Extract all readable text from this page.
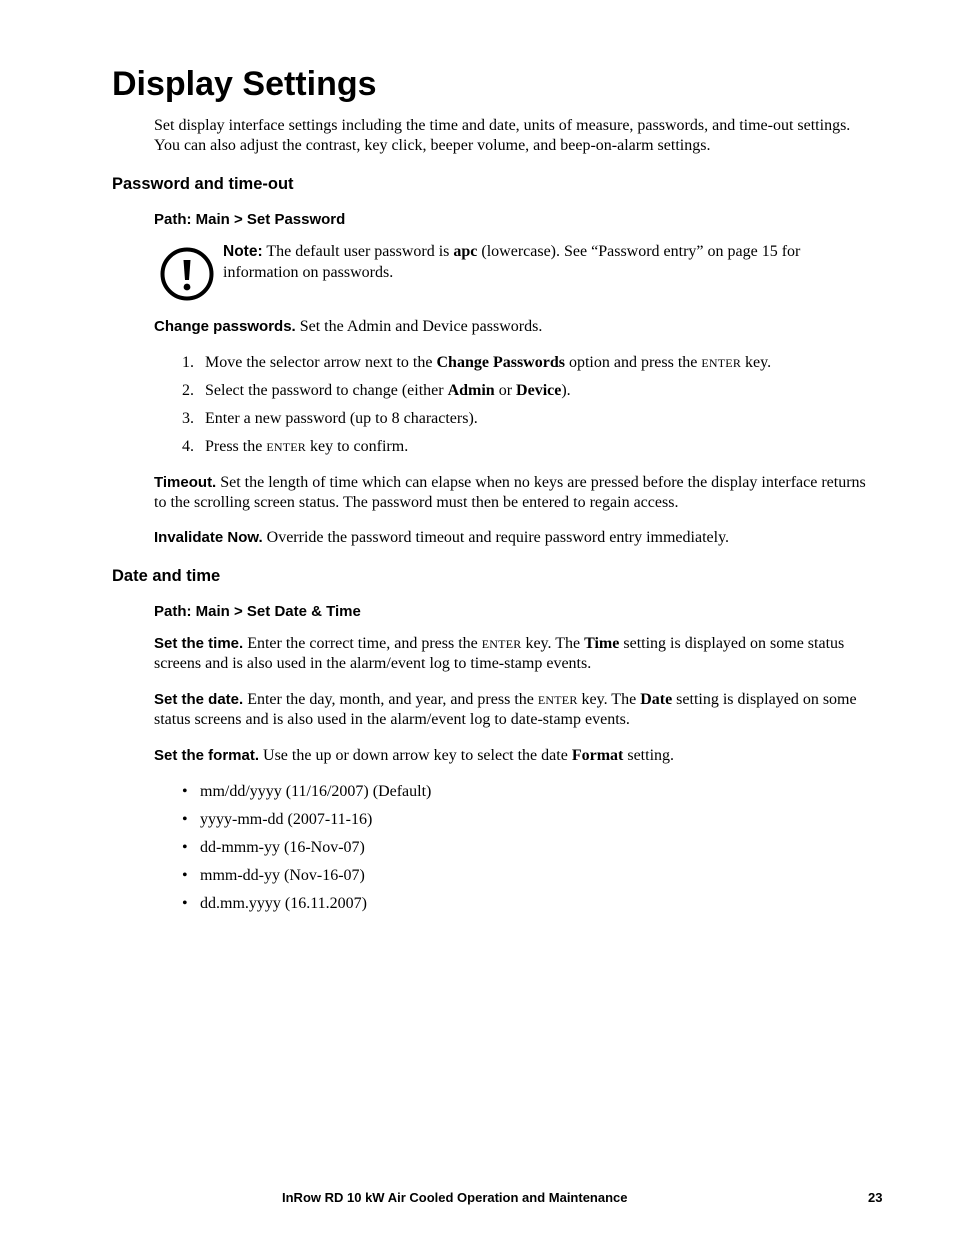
Display Settings

Set display interface settings including the time and date, units of measure, passwords, and time-out settings. You can also adjust the contrast, key click, beeper volume, and beep-on-alarm settings.

Password and time-out

Path: Main > Set Password

Note: The default user password is apc (lowercase). See “Password entry” on page 15 for information on passwords.

Change passwords. Set the Admin and Device passwords.

1. Move the selector arrow next to the Change Passwords option and press the ENTER key.
2. Select the password to change (either Admin or Device).
3. Enter a new password (up to 8 characters).
4. Press the ENTER key to confirm.

Timeout. Set the length of time which can elapse when no keys are pressed before the display interface returns to the scrolling screen status. The password must then be entered to regain access.

Invalidate Now. Override the password timeout and require password entry immediately.

Date and time

Path: Main > Set Date & Time

Set the time. Enter the correct time, and press the ENTER key. The Time setting is displayed on some status screens and is also used in the alarm/event log to time-stamp events.

Set the date. Enter the day, month, and year, and press the ENTER key. The Date setting is displayed on some status screens and is also used in the alarm/event log to date-stamp events.

Set the format. Use the up or down arrow key to select the date Format setting.

• mm/dd/yyyy (11/16/2007) (Default)
• yyyy-mm-dd (2007-11-16)
• dd-mmm-yy (16-Nov-07)
• mmm-dd-yy (Nov-16-07)
• dd.mm.yyyy (16.11.2007)

InRow RD 10 kW Air Cooled Operation and Maintenance	23
